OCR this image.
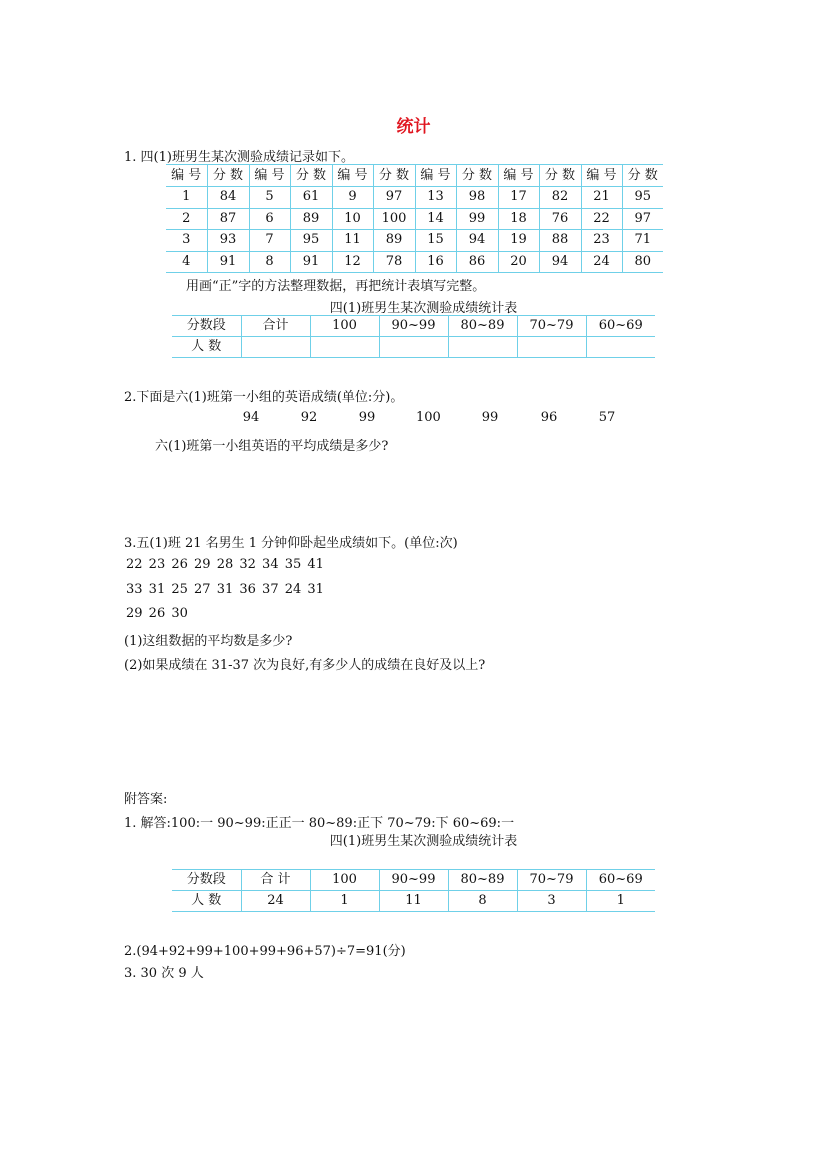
统计
1. 四(1)班男生某次测验成绩记录如下。
编 号	分 数	编 号	分 数	编 号	分 数	编 号	分 数	编 号	分 数	编 号	分 数
1	84	5	61	9	97	13	98	17	82	21	95
2	87	6	89	10	100	14	99	18	76	22	97
3	93	7	95	11	89	15	94	19	88	23	71
4	91	8	91	12	78	16	86	20	94	24	80
用画“正”字的方法整理数据，再把统计表填写完整。
四(1)班男生某次测验成绩统计表
分数段	合计	100	90~99	80~89	70~79	60~69
人 数						
2.下面是六(1)班第一小组的英语成绩(单位:分)。
94	92	99	100	99	96	57
六(1)班第一小组英语的平均成绩是多少?
3.五(1)班 21 名男生 1 分钟仰卧起坐成绩如下。(单位:次)
22 23 26 29 28 32 34 35 41
33 31 25 27 31 36 37 24 31
29 26 30
(1)这组数据的平均数是多少?
(2)如果成绩在 31-37 次为良好,有多少人的成绩在良好及以上?
附答案:
1. 解答:100:一 90~99:正正一 80~89:正下 70~79:下 60~69:一
四(1)班男生某次测验成绩统计表
分数段	合 计	100	90~99	80~89	70~79	60~69
人 数	24	1	11	8	3	1
2.(94+92+99+100+99+96+57)÷7=91(分)
3. 30 次 9 人
